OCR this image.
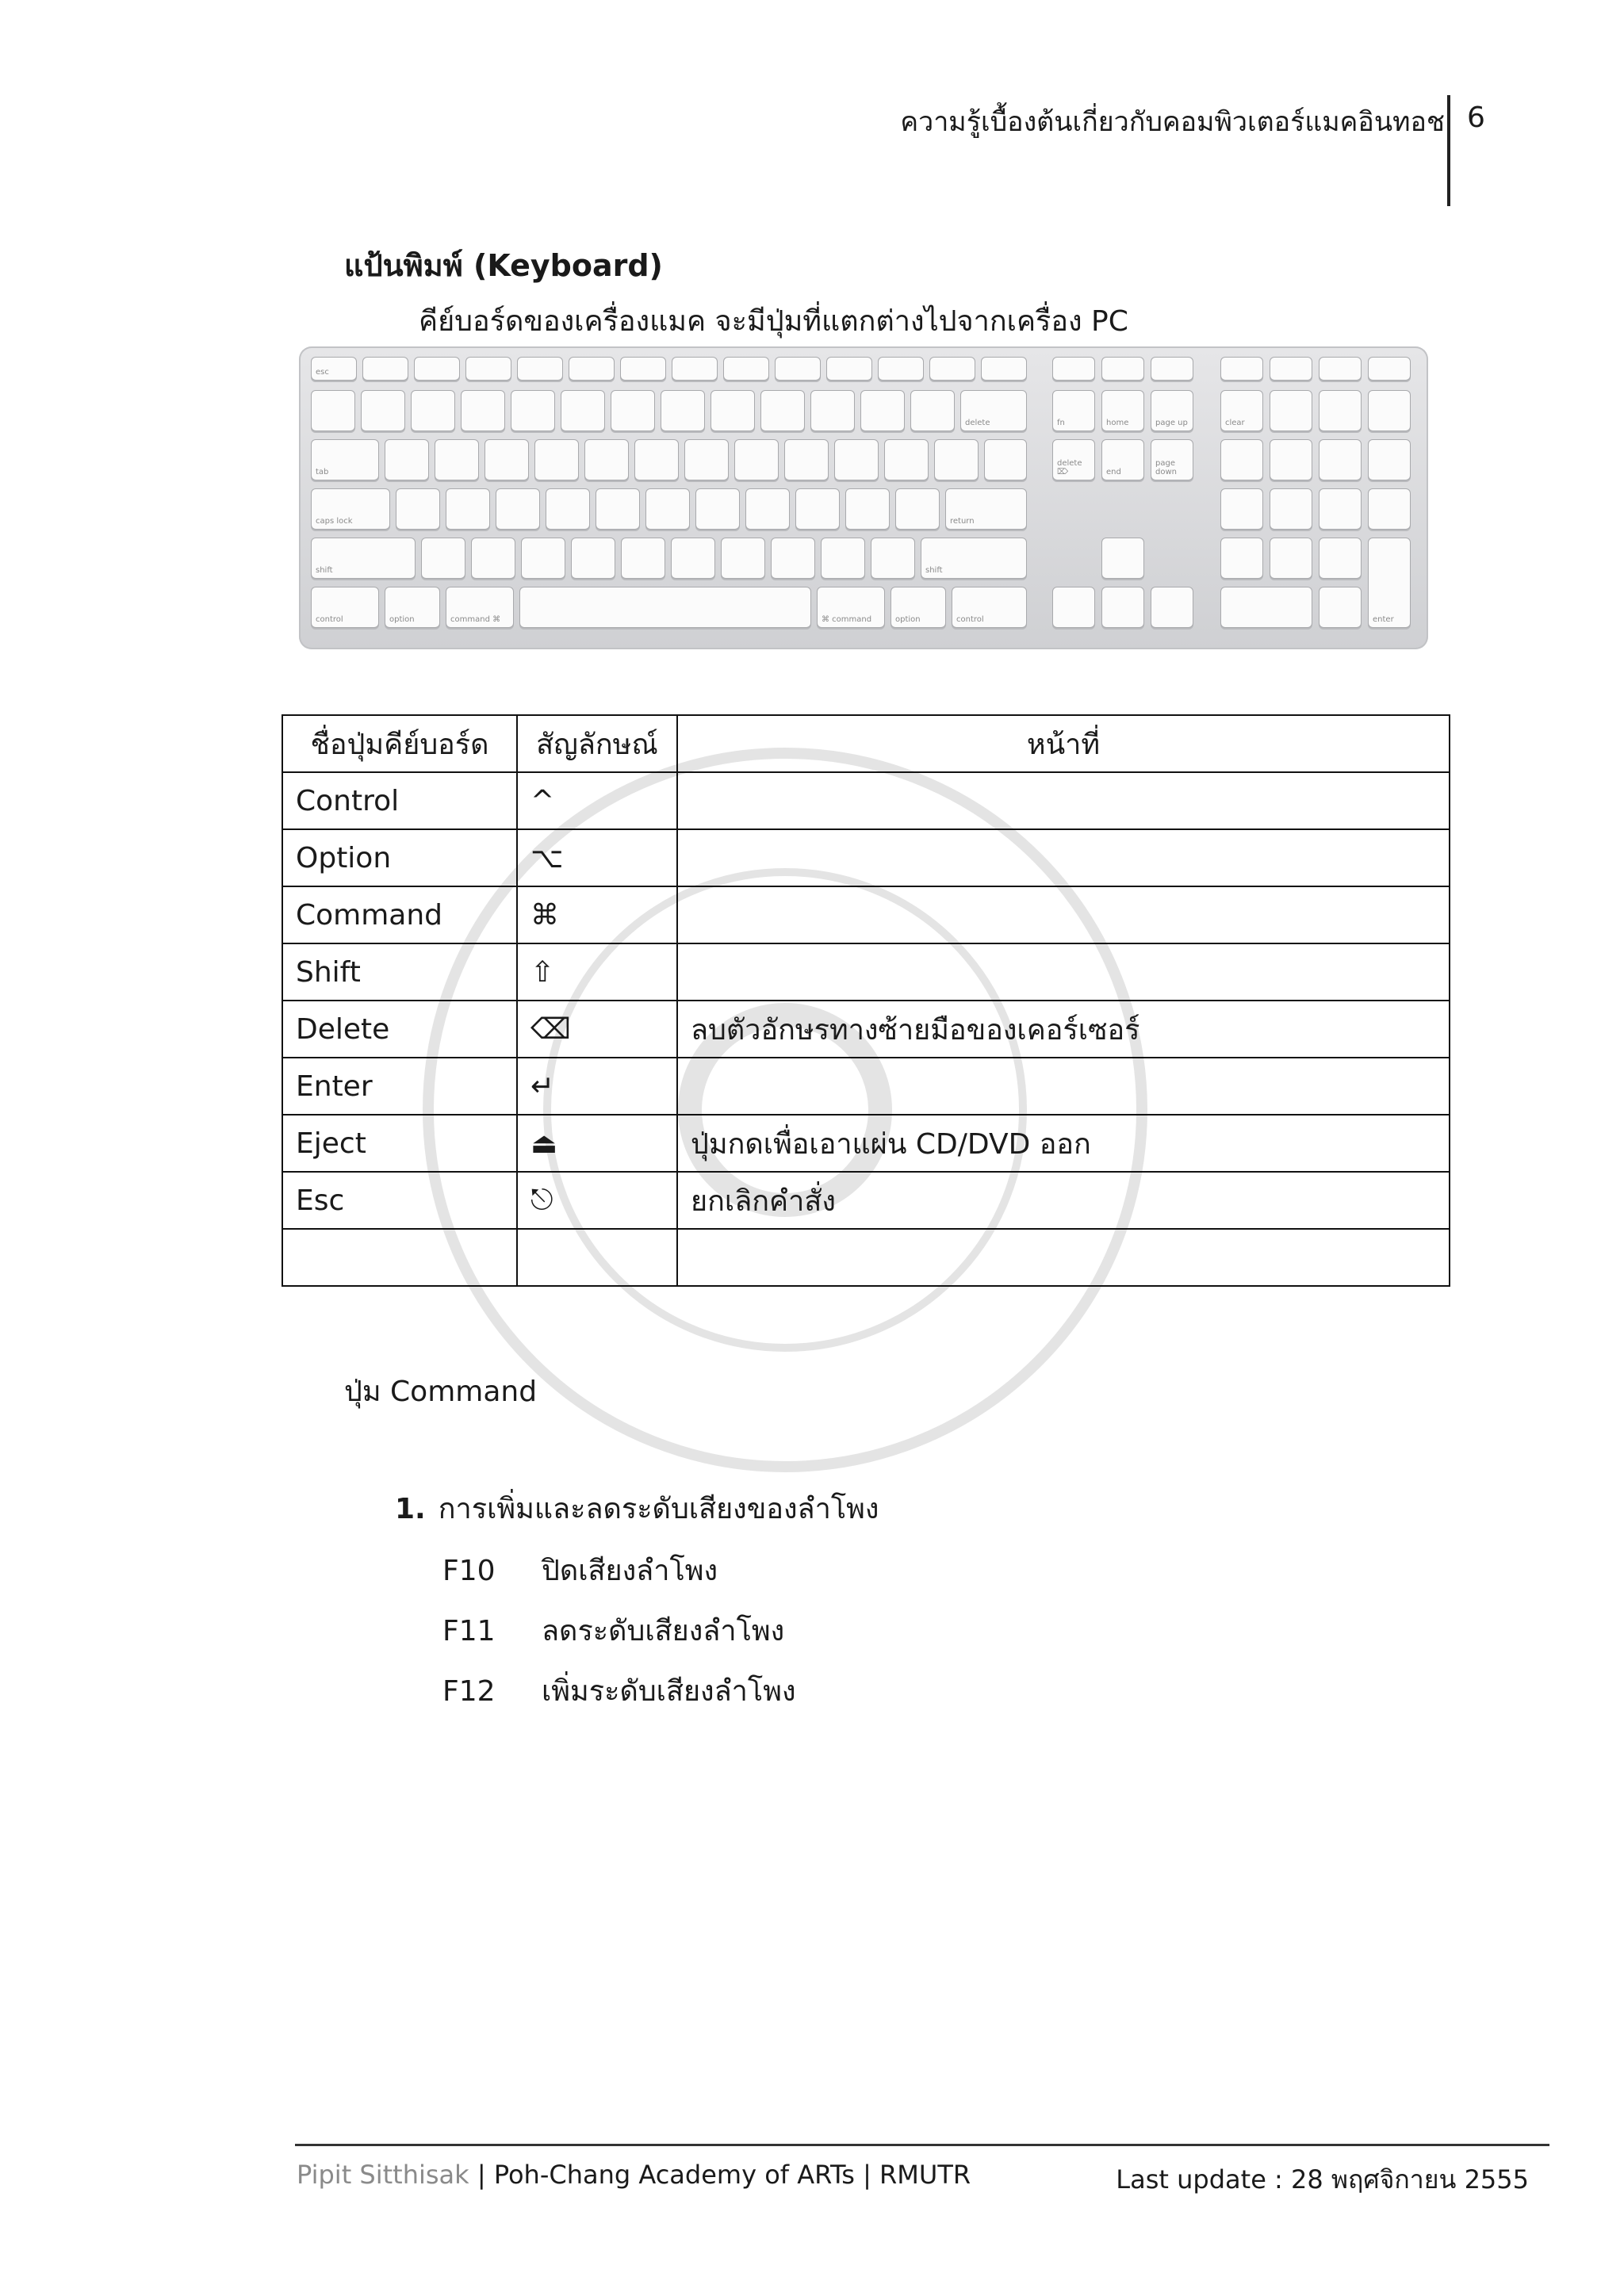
ความรู้เบื้องต้นเกี่ยวกับคอมพิวเตอร์แมคอินทอช 6
แป้นพิมพ์ (Keyboard)
คีย์บอร์ดของเครื่องแมค จะมีปุ่มที่แตกต่างไปจากเครื่อง PC
esc
delete	fn	home	page up	clear
tab
delete ⌦	end
page down
caps lock	return
shift	shift
enter
control	option	command ⌘	⌘ command	option	control
ชื่อปุ่มคีย์บอร์ด	สัญลักษณ์	หน้าที่
Control	^	
Option	⌥	
Command	⌘	
Shift	⇧	
Delete	⌫	ลบตัวอักษรทางซ้ายมือของเคอร์เซอร์
Enter	↵	
Eject	⏏	ปุ่มกดเพื่อเอาแผ่น CD/DVD ออก
Esc	⎋	ยกเลิกคำสั่ง

ปุ่ม Command
1. การเพิ่มและลดระดับเสียงของลำโพง
F10 ปิดเสียงลำโพง
F11 ลดระดับเสียงลำโพง
F12 เพิ่มระดับเสียงลำโพง
Pipit Sitthisak | Poh-Chang Academy of ARTs | RMUTR	Last update : 28 พฤศจิกายน 2555
